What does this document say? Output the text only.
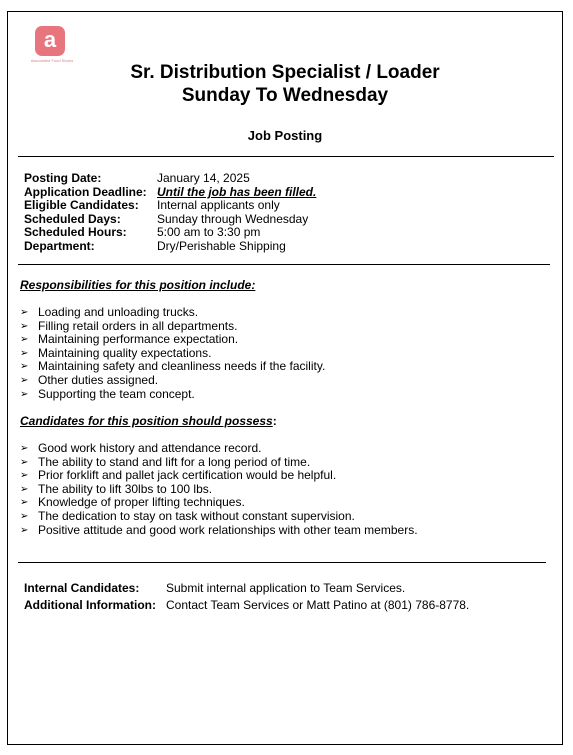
a
Associated Food Stores
Sr. Distribution Specialist / Loader
Sunday To Wednesday
Job Posting
Posting Date:	January 14, 2025
Application Deadline:	Until the job has been filled.
Eligible Candidates:	Internal applicants only
Scheduled Days:	Sunday through Wednesday
Scheduled Hours:	5:00 am to 3:30 pm
Department:	Dry/Perishable Shipping
Responsibilities for this position include:
➢ Loading and unloading trucks.
➢ Filling retail orders in all departments.
➢ Maintaining performance expectation.
➢ Maintaining quality expectations.
➢ Maintaining safety and cleanliness needs if the facility.
➢ Other duties assigned.
➢ Supporting the team concept.
Candidates for this position should possess:
➢ Good work history and attendance record.
➢ The ability to stand and lift for a long period of time.
➢ Prior forklift and pallet jack certification would be helpful.
➢ The ability to lift 30lbs to 100 lbs.
➢ Knowledge of proper lifting techniques.
➢ The dedication to stay on task without constant supervision.
➢ Positive attitude and good work relationships with other team members.
Internal Candidates:	Submit internal application to Team Services.
Additional Information:	Contact Team Services or Matt Patino at (801) 786-8778.
